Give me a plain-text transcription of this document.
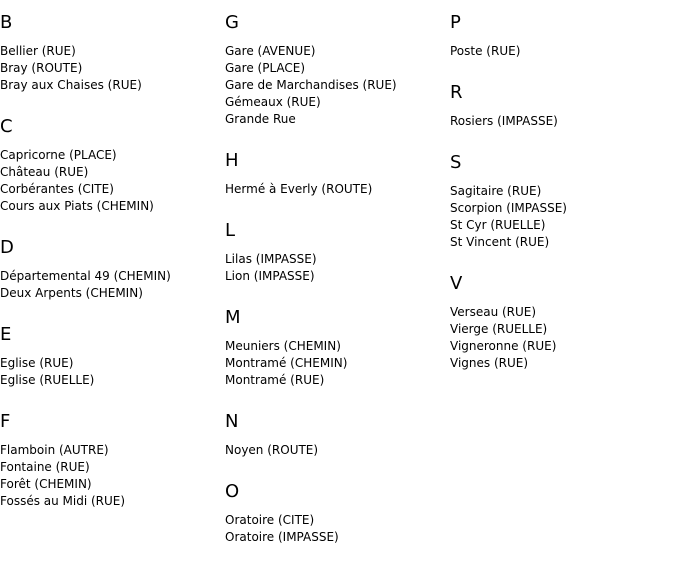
B
Bellier (RUE)
Bray (ROUTE)
Bray aux Chaises (RUE)
C
Capricorne (PLACE)
Château (RUE)
Corbérantes (CITE)
Cours aux Piats (CHEMIN)
D
Départemental 49 (CHEMIN)
Deux Arpents (CHEMIN)
E
Eglise (RUE)
Eglise (RUELLE)
F
Flamboin (AUTRE)
Fontaine (RUE)
Forêt (CHEMIN)
Fossés au Midi (RUE)
G
Gare (AVENUE)
Gare (PLACE)
Gare de Marchandises (RUE)
Gémeaux (RUE)
Grande Rue
H
Hermé à Everly (ROUTE)
L
Lilas (IMPASSE)
Lion (IMPASSE)
M
Meuniers (CHEMIN)
Montramé (CHEMIN)
Montramé (RUE)
N
Noyen (ROUTE)
O
Oratoire (CITE)
Oratoire (IMPASSE)
P
Poste (RUE)
R
Rosiers (IMPASSE)
S
Sagitaire (RUE)
Scorpion (IMPASSE)
St Cyr (RUELLE)
St Vincent (RUE)
V
Verseau (RUE)
Vierge (RUELLE)
Vigneronne (RUE)
Vignes (RUE)
